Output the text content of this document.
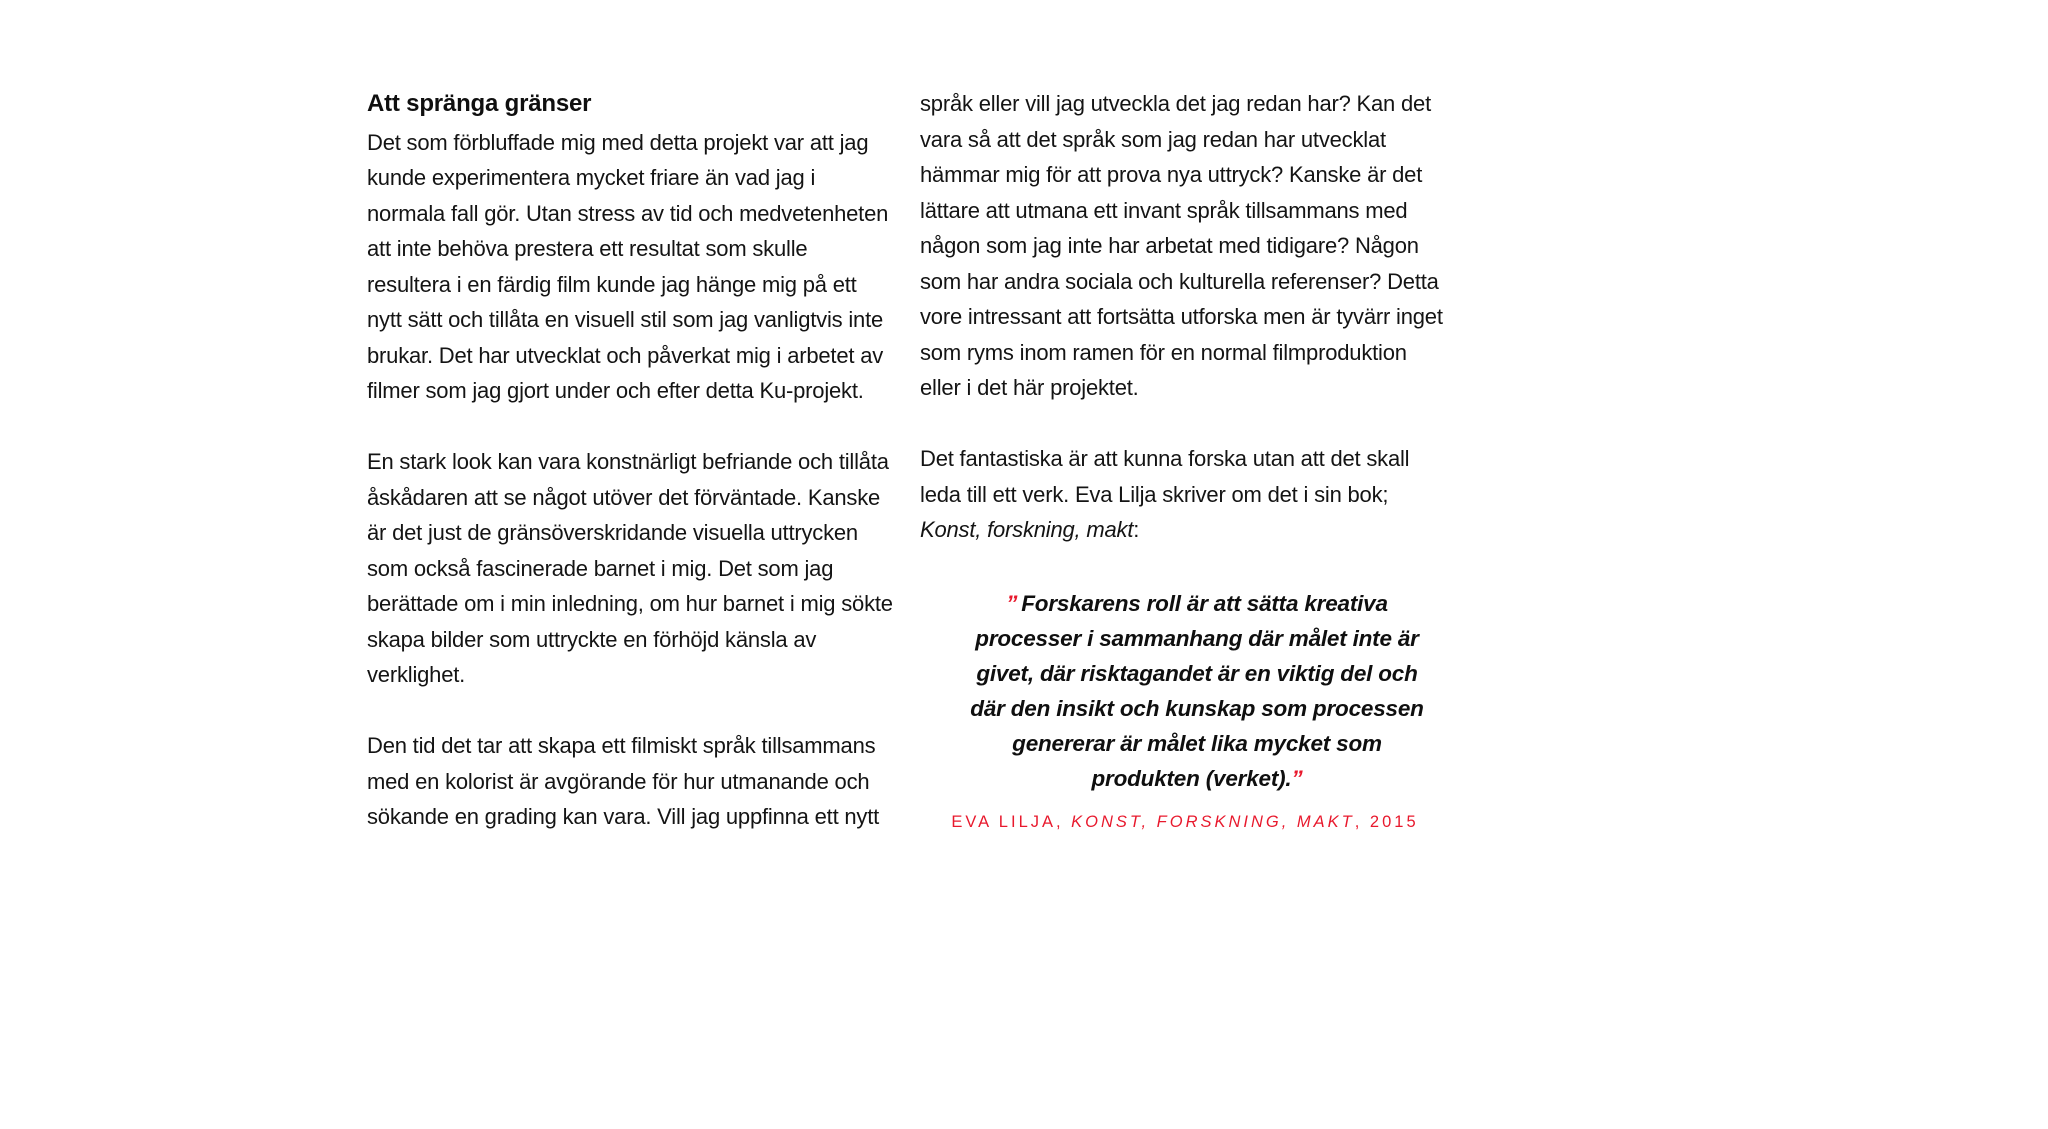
Att spränga gränser

Det som förbluffade mig med detta projekt var att jag kunde experimentera mycket friare än vad jag i normala fall gör. Utan stress av tid och medvetenheten att inte behöva prestera ett resultat som skulle resultera i en färdig film kunde jag hänge mig på ett nytt sätt och tillåta en visuell stil som jag vanligtvis inte brukar. Det har utvecklat och påverkat mig i arbetet av filmer som jag gjort under och efter detta Ku-projekt.

En stark look kan vara konstnärligt befriande och tillåta åskådaren att se något utöver det förväntade. Kanske är det just de gränsöverskridande visuella uttrycken som också fascinerade barnet i mig. Det som jag berättade om i min inledning, om hur barnet i mig sökte skapa bilder som uttryckte en förhöjd känsla av verklighet.

Den tid det tar att skapa ett filmiskt språk tillsammans med en kolorist är avgörande för hur utmanande och sökande en grading kan vara. Vill jag uppfinna ett nytt

språk eller vill jag utveckla det jag redan har? Kan det vara så att det språk som jag redan har utvecklat hämmar mig för att prova nya uttryck? Kanske är det lättare att utmana ett invant språk tillsammans med någon som jag inte har arbetat med tidigare? Någon som har andra sociala och kulturella referenser? Detta vore intressant att fortsätta utforska men är tyvärr inget som ryms inom ramen för en normal filmproduktion eller i det här projektet.

Det fantastiska är att kunna forska utan att det skall leda till ett verk. Eva Lilja skriver om det i sin bok; Konst, forskning, makt:

” Forskarens roll är att sätta kreativa processer i sammanhang där målet inte är givet, där risktagandet är en viktig del och där den insikt och kunskap som processen genererar är målet lika mycket som produkten (verket).”
EVA LILJA, KONST, FORSKNING, MAKT, 2015
